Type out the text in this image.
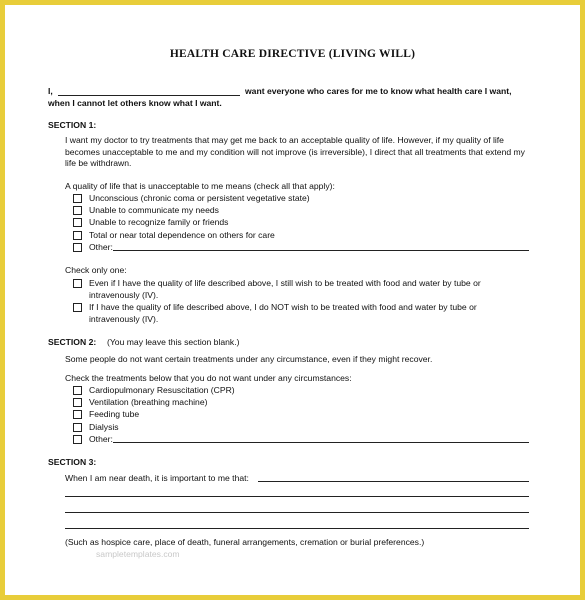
HEALTH CARE DIRECTIVE (LIVING WILL)
I,	want everyone who cares for me to know what health care I want,
when I cannot let others know what I want.
SECTION 1:
I want my doctor to try treatments that may get me back to an acceptable quality of life. However, if my quality of life becomes unacceptable to me and my condition will not improve (is irreversible), I direct that all treatments that extend my life be withdrawn.
A quality of life that is unacceptable to me means (check all that apply):
Unconscious (chronic coma or persistent vegetative state)
Unable to communicate my needs
Unable to recognize family or friends
Total or near total dependence on others for care
Other:
Check only one:
Even if I have the quality of life described above, I still wish to be treated with food and water by tube or
intravenously (IV).
If I have the quality of life described above, I do NOT wish to be treated with food and water by tube or
intravenously (IV).
SECTION 2: (You may leave this section blank.)
Some people do not want certain treatments under any circumstance, even if they might recover.
Check the treatments below that you do not want under any circumstances:
Cardiopulmonary Resuscitation (CPR)
Ventilation (breathing machine)
Feeding tube
Dialysis
Other:
SECTION 3:
When I am near death, it is important to me that:
(Such as hospice care, place of death, funeral arrangements, cremation or burial preferences.)
sampletemplates.com
